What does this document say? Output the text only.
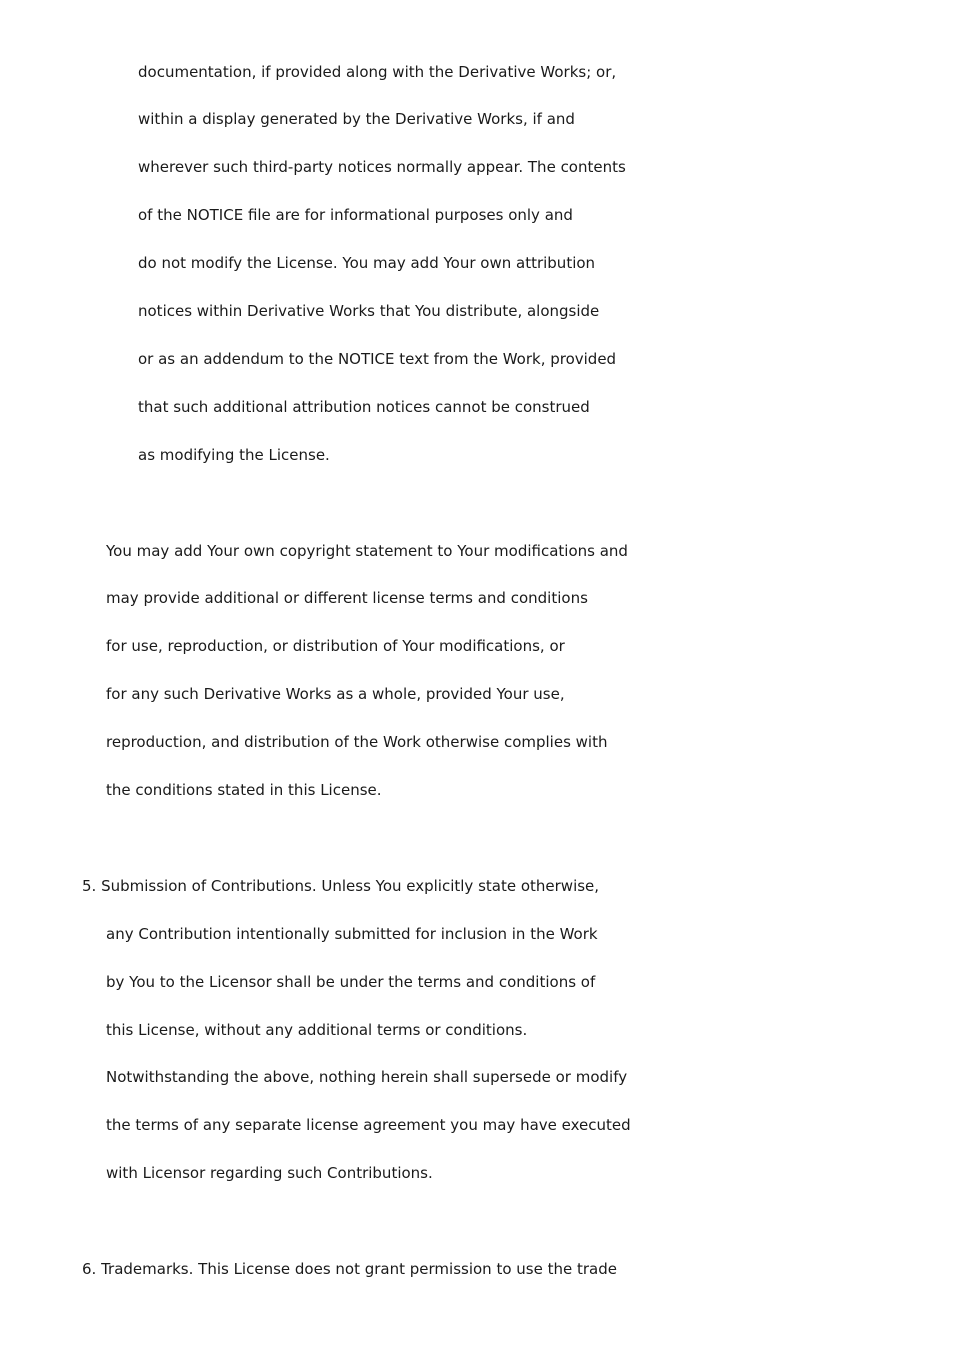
documentation, if provided along with the Derivative Works; or,
within a display generated by the Derivative Works, if and
wherever such third-party notices normally appear. The contents
of the NOTICE file are for informational purposes only and
do not modify the License. You may add Your own attribution
notices within Derivative Works that You distribute, alongside
or as an addendum to the NOTICE text from the Work, provided
that such additional attribution notices cannot be construed
as modifying the License.
You may add Your own copyright statement to Your modifications and
may provide additional or different license terms and conditions
for use, reproduction, or distribution of Your modifications, or
for any such Derivative Works as a whole, provided Your use,
reproduction, and distribution of the Work otherwise complies with
the conditions stated in this License.
5. Submission of Contributions. Unless You explicitly state otherwise,
any Contribution intentionally submitted for inclusion in the Work
by You to the Licensor shall be under the terms and conditions of
this License, without any additional terms or conditions.
Notwithstanding the above, nothing herein shall supersede or modify
the terms of any separate license agreement you may have executed
with Licensor regarding such Contributions.
6. Trademarks. This License does not grant permission to use the trade
